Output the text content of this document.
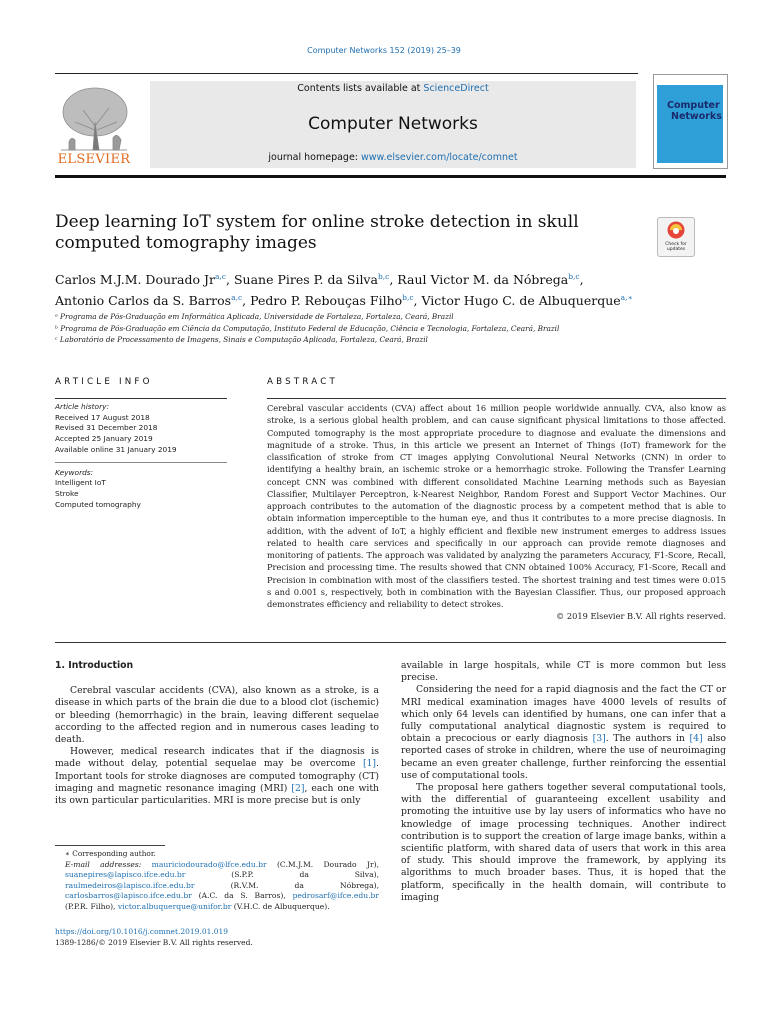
Computer Networks 152 (2019) 25–39
ELSEVIER
Contents lists available at ScienceDirect
Computer Networks
journal homepage: www.elsevier.com/locate/comnet
Computer
Networks
Deep learning IoT system for online stroke detection in skull
computed tomography images	Check for
updates
Carlos M.J.M. Dourado Jr$^{a,c}$, Suane Pires P. da Silva$^{b,c}$, Raul Victor M. da Nóbrega$^{b,c}$,
Antonio Carlos da S. Barros$^{a,c}$, Pedro P. Rebouças Filho$^{b,c}$, Victor Hugo C. de Albuquerque$^{a,∗}$
ᵃ Programa de Pós-Graduação em Informática Aplicada, Universidade de Fortaleza, Fortaleza, Ceará, Brazil
ᵇ Programa de Pós-Graduação em Ciência da Computação, Instituto Federal de Educação, Ciência e Tecnologia, Fortaleza, Ceará, Brazil
ᶜ Laboratório de Processamento de Imagens, Sinais e Computação Aplicada, Fortaleza, Ceará, Brazil
ARTICLE INFO	ABSTRACT
Article history:
Received 17 August 2018
Revised 31 December 2018
Accepted 25 January 2019
Available online 31 January 2019
Keywords:
Intelligent IoT
Stroke
Computed tomography
Cerebral vascular accidents (CVA) affect about 16 million people worldwide annually. CVA, also know as stroke, is a serious global health problem, and can cause significant physical limitations to those affected. Computed tomography is the most appropriate procedure to diagnose and evaluate the dimensions and magnitude of a stroke. Thus, in this article we present an Internet of Things (IoT) framework for the classification of stroke from CT images applying Convolutional Neural Networks (CNN) in order to identifying a healthy brain, an ischemic stroke or a hemorrhagic stroke. Following the Transfer Learning concept CNN was combined with different consolidated Machine Learning methods such as Bayesian Classifier, Multilayer Perceptron, k-Nearest Neighbor, Random Forest and Support Vector Machines. Our approach contributes to the automation of the diagnostic process by a competent method that is able to obtain information imperceptible to the human eye, and thus it contributes to a more precise diagnosis. In addition, with the advent of IoT, a highly efficient and flexible new instrument emerges to address issues related to health care services and specifically in our approach can provide remote diagnoses and monitoring of patients. The approach was validated by analyzing the parameters Accuracy, F1-Score, Recall, Precision and processing time. The results showed that CNN obtained 100% Accuracy, F1-Score, Recall and Precision in combination with most of the classifiers tested. The shortest training and test times were 0.015 s and 0.001 s, respectively, both in combination with the Bayesian Classifier. Thus, our proposed approach demonstrates efficiency and reliability to detect strokes.
© 2019 Elsevier B.V. All rights reserved.
1. Introduction

Cerebral vascular accidents (CVA), also known as a stroke, is a disease in which parts of the brain die due to a blood clot (ischemic) or bleeding (hemorrhagic) in the brain, leaving different sequelae according to the affected region and in numerous cases leading to death.

However, medical research indicates that if the diagnosis is made without delay, potential sequelae may be overcome [1]. Important tools for stroke diagnoses are computed tomography (CT) imaging and magnetic resonance imaging (MRI) [2], each one with its own particular particularities. MRI is more precise but is only

available in large hospitals, while CT is more common but less precise.

Considering the need for a rapid diagnosis and the fact the CT or MRI medical examination images have 4000 levels of results of which only 64 levels can identified by humans, one can infer that a fully computational analytical diagnostic system is required to obtain a precocious or early diagnosis [3]. The authors in [4] also reported cases of stroke in children, where the use of neuroimaging became an even greater challenge, further reinforcing the essential use of computational tools.

The proposal here gathers together several computational tools, with the differential of guaranteeing excellent usability and promoting the intuitive use by lay users of informatics who have no knowledge of image processing techniques. Another indirect contribution is to support the creation of large image banks, within a scientific platform, with shared data of users that work in this area of study. This should improve the framework, by applying its algorithms to much broader bases. Thus, it is hoped that the platform, specifically in the health domain, will contribute to imaging

∗ Corresponding author.
E-mail addresses: mauriciodourado@lfce.edu.br (C.M.J.M. Dourado Jr), suanepires@lapisco.ifce.edu.br (S.P.P. da Silva), raulmedeiros@lapisco.ifce.edu.br (R.V.M. da Nóbrega), carlosbarros@lapisco.ifce.edu.br (A.C. da S. Barros), pedrosarf@ifce.edu.br (P.P.R. Filho), victor.albuquerque@unifor.br (V.H.C. de Albuquerque).
https://doi.org/10.1016/j.comnet.2019.01.019
1389-1286/© 2019 Elsevier B.V. All rights reserved.
